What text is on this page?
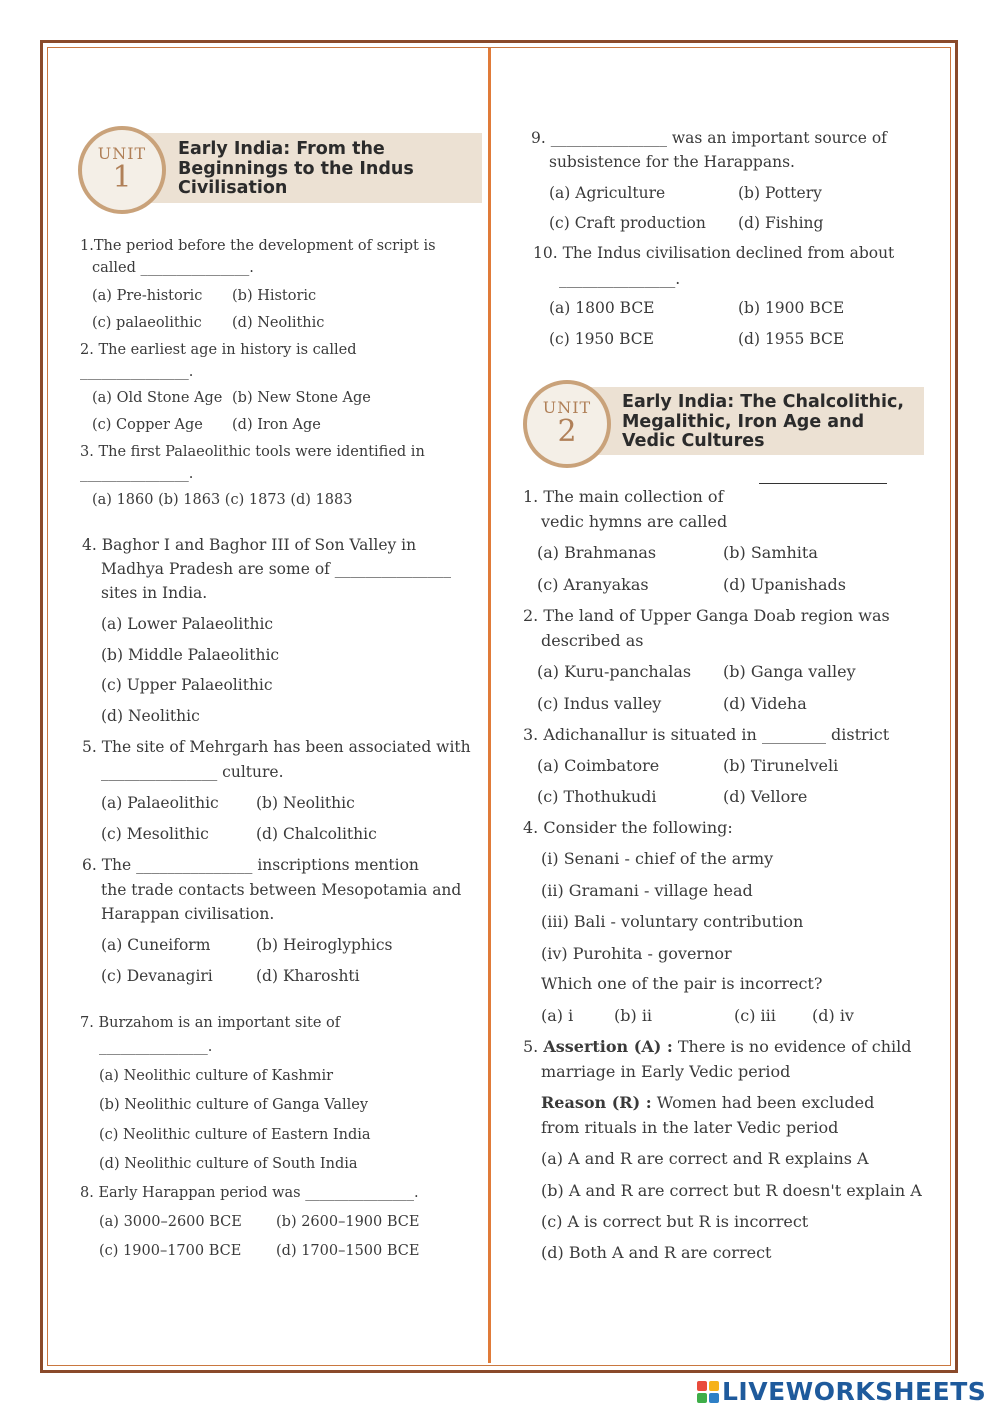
UNIT
1
Early India: From the
Beginnings to the Indus
Civilisation
1.The period before the development of script is
called _______________.
(a) Pre-historic (b) Historic
(c) palaeolithic (d) Neolithic
2. The earliest age in history is called
_______________.
(a) Old Stone Age (b) New Stone Age
(c) Copper Age (d) Iron Age
3. The first Palaeolithic tools were identified in
_______________.
(a) 1860 (b) 1863 (c) 1873 (d) 1883
4. Baghor I and Baghor III of Son Valley in
Madhya Pradesh are some of _______________
sites in India.
(a) Lower Palaeolithic
(b) Middle Palaeolithic
(c) Upper Palaeolithic
(d) Neolithic
5. The site of Mehrgarh has been associated with
_______________ culture.
(a) Palaeolithic (b) Neolithic
(c) Mesolithic	(d) Chalcolithic
6. The _______________ inscriptions mention
the trade contacts between Mesopotamia and
Harappan civilisation.
(a) Cuneiform	(b) Heiroglyphics
(c) Devanagiri	(d) Kharoshti
7. Burzahom is an important site of
_______________.
(a) Neolithic culture of Kashmir
(b) Neolithic culture of Ganga Valley
(c) Neolithic culture of Eastern India
(d) Neolithic culture of South India
8. Early Harappan period was _______________.
(a) 3000–2600 BCE (b) 2600–1900 BCE
(c) 1900–1700 BCE (d) 1700–1500 BCE
9. _______________ was an important source of
subsistence for the Harappans.
(a) Agriculture	(b) Pottery
(c) Craft production (d) Fishing
10. The Indus civilisation declined from about
_______________.
(a) 1800 BCE	(b) 1900 BCE
(c) 1950 BCE	(d) 1955 BCE
UNIT
2
Early India: The Chalcolithic,
Megalithic, Iron Age and
Vedic Cultures
1. The main collection of
vedic hymns are called
(a) Brahmanas	(b) Samhita
(c) Aranyakas	(d) Upanishads
2. The land of Upper Ganga Doab region was
described as
(a) Kuru-panchalas (b) Ganga valley
(c) Indus valley	(d) Videha
3. Adichanallur is situated in ________ district
(a) Coimbatore	(b) Tirunelveli
(c) Thothukudi	(d) Vellore
4. Consider the following:
(i) Senani - chief of the army
(ii) Gramani - village head
(iii) Bali - voluntary contribution
(iv) Purohita - governor
Which one of the pair is incorrect?
(a) i	(b) ii	(c) iii (d) iv
5. Assertion (A) : There is no evidence of child
marriage in Early Vedic period
Reason (R) : Women had been excluded
from rituals in the later Vedic period
(a) A and R are correct and R explains A
(b) A and R are correct but R doesn't explain A
(c) A is correct but R is incorrect
(d) Both A and R are correct
LIVEWORKSHEETS
